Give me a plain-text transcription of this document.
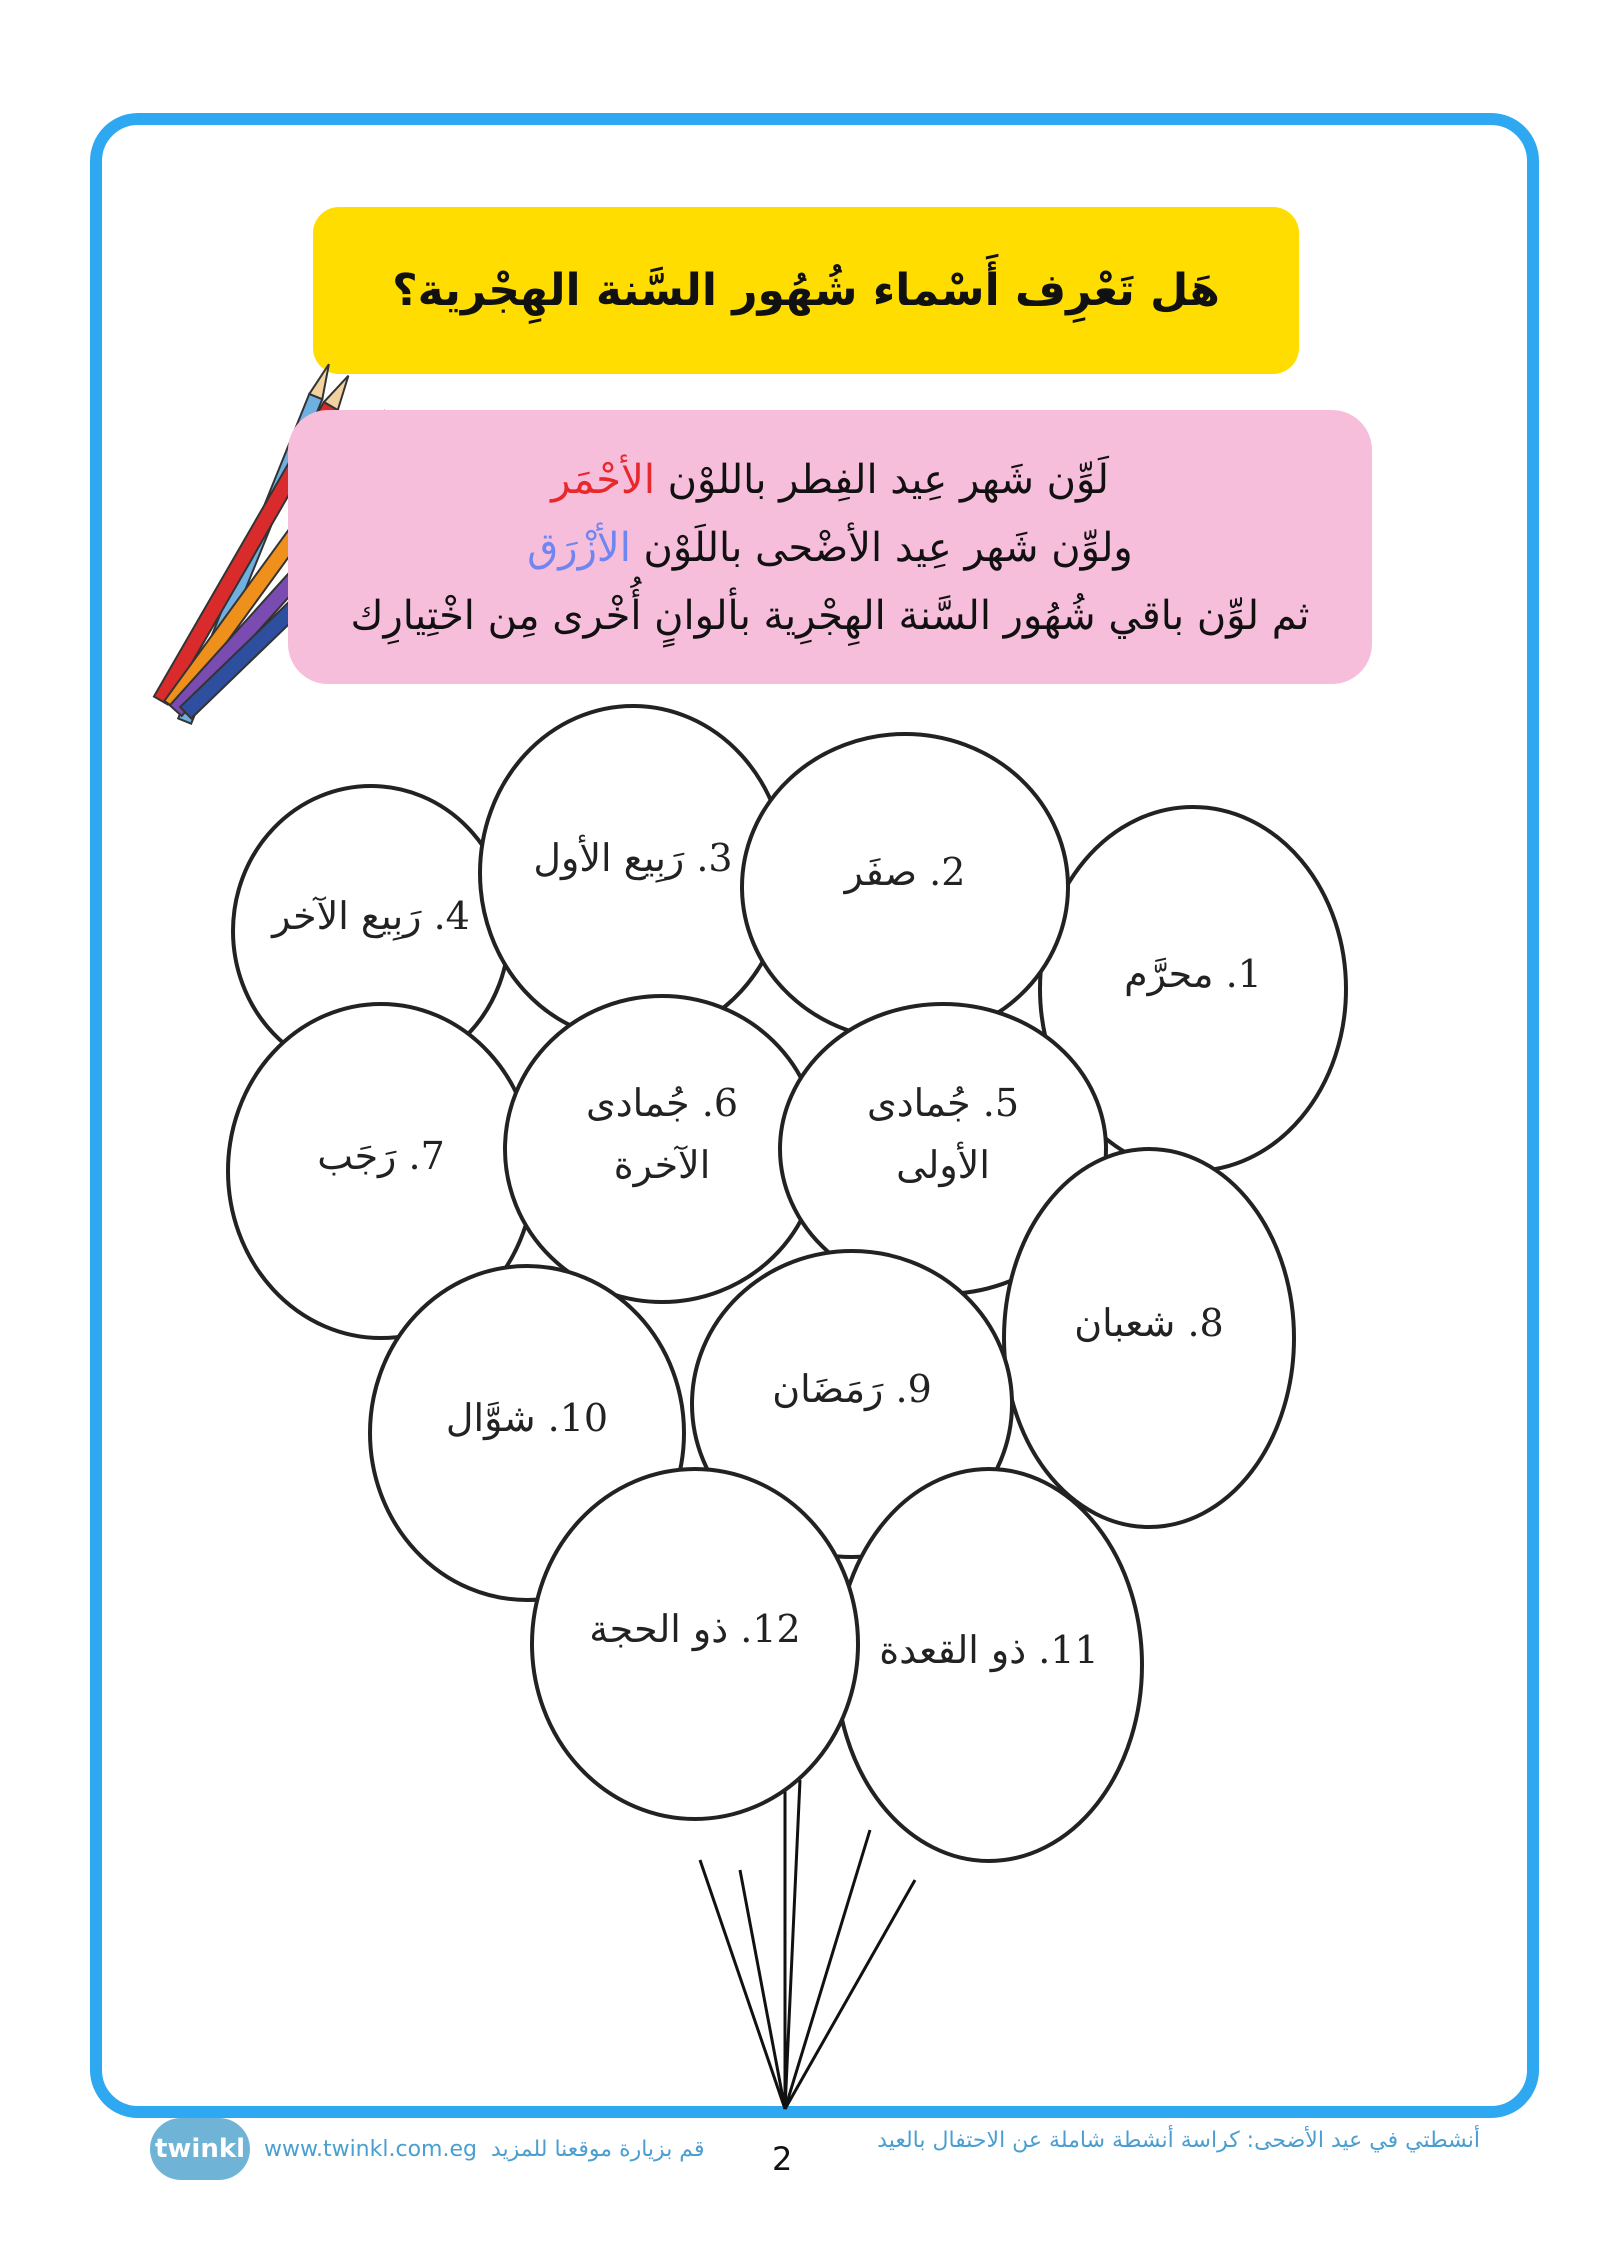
هَل تَعْرِف أَسْماء شُهُور السَّنة الهِجْرية؟
لَوِّن شَهر عِيد الفِطر باللوْن الأحْمَر
ولوِّن شَهر عِيد الأضْحى باللَوْن الأزْرَق
ثم لوِّن باقي شُهُور السَّنة الهِجْرِية بألوانٍ أُخْرى مِن اخْتِيارِك
1. محرَّم
2. صفَر
3. رَبِيع الأول
4. رَبِيع الآخر
5. جُمادى الأولى
6. جُمادى الآخرة
7. رَجَب
8. شعبان
9. رَمَضَان
10. شوَّال
11. ذو القعدة
12. ذو الحجة
twinkl www.twinkl.com.eg قم بزيارة موقعنا للمزيد 2	أنشطتي في عيد الأضحى: كراسة أنشطة شاملة عن الاحتفال بالعيد
